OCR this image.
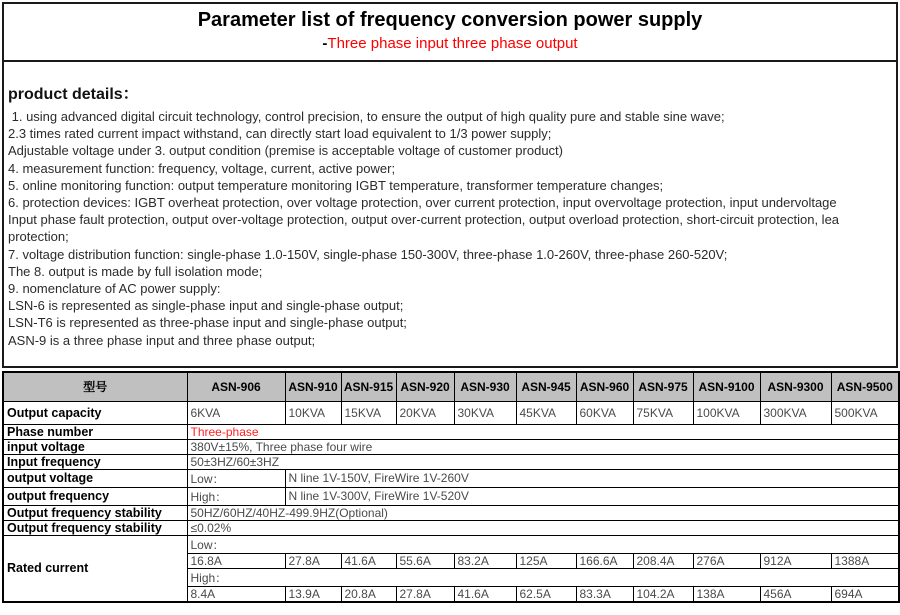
Parameter list of frequency conversion power supply
-Three phase input three phase output
product details：
1. using advanced digital circuit technology, control precision, to ensure the output of high quality pure and stable sine wave;
2.3 times rated current impact withstand, can directly start load equivalent to 1/3 power supply;
Adjustable voltage under 3. output condition (premise is acceptable voltage of customer product)
4. measurement function: frequency, voltage, current, active power;
5. online monitoring function: output temperature monitoring IGBT temperature, transformer temperature changes;
6. protection devices: IGBT overheat protection, over voltage protection, over current protection, input overvoltage protection, input undervoltage
Input phase fault protection, output over-voltage protection, output over-current protection, output overload protection, short-circuit protection, lea
protection;
7. voltage distribution function: single-phase 1.0-150V, single-phase 150-300V, three-phase 1.0-260V, three-phase 260-520V;
The 8. output is made by full isolation mode;
9. nomenclature of AC power supply:
LSN-6 is represented as single-phase input and single-phase output;
LSN-T6 is represented as three-phase input and single-phase output;
ASN-9 is a three phase input and three phase output;
型号	ASN-906	ASN-910	ASN-915	ASN-920	ASN-930	ASN-945	ASN-960	ASN-975	ASN-9100	ASN-9300	ASN-9500
Output capacity	6KVA	10KVA	15KVA	20KVA	30KVA	45KVA	60KVA	75KVA	100KVA	300KVA	500KVA
Phase number	Three-phase										
input voltage	380V±15%, Three phase four wire										
Input frequency	50±3HZ/60±3HZ										
output voltage	Low：	N line 1V-150V, FireWire 1V-260V									
output frequency	High：	N line 1V-300V, FireWire 1V-520V									
Output frequency stability	50HZ/60HZ/40HZ-499.9HZ(Optional)										
Output frequency stability	≤0.02%										
Rated current	Low：										
	16.8A	27.8A	41.6A	55.6A	83.2A	125A	166.6A	208.4A	276A	912A	1388A
	High：										
	8.4A	13.9A	20.8A	27.8A	41.6A	62.5A	83.3A	104.2A	138A	456A	694A
